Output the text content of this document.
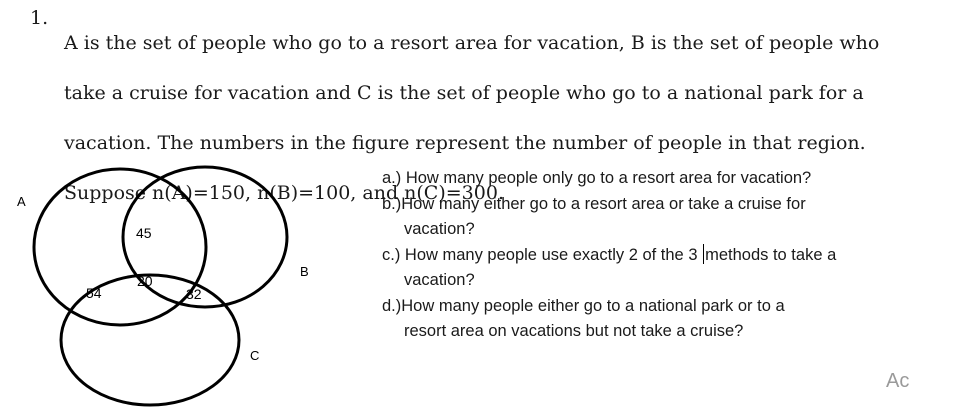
1.

A is the set of people who go to a resort area for vacation, B is the set of people who

take a cruise for vacation and C is the set of people who go to a national park for a

vacation. The numbers in the figure represent the number of people in that region.

Suppose n(A)=150, n(B)=100, and n(C)=300.

A
B
C
45
54
20
32

a.) How many people only go to a resort area for vacation?

b.)How many either go to a resort area or take a cruise for
vacation?

c.) How many people use exactly 2 of the 3 methods to take a
vacation?

d.)How many people either go to a national park or to a
resort area on vacations but not take a cruise?

Ac
